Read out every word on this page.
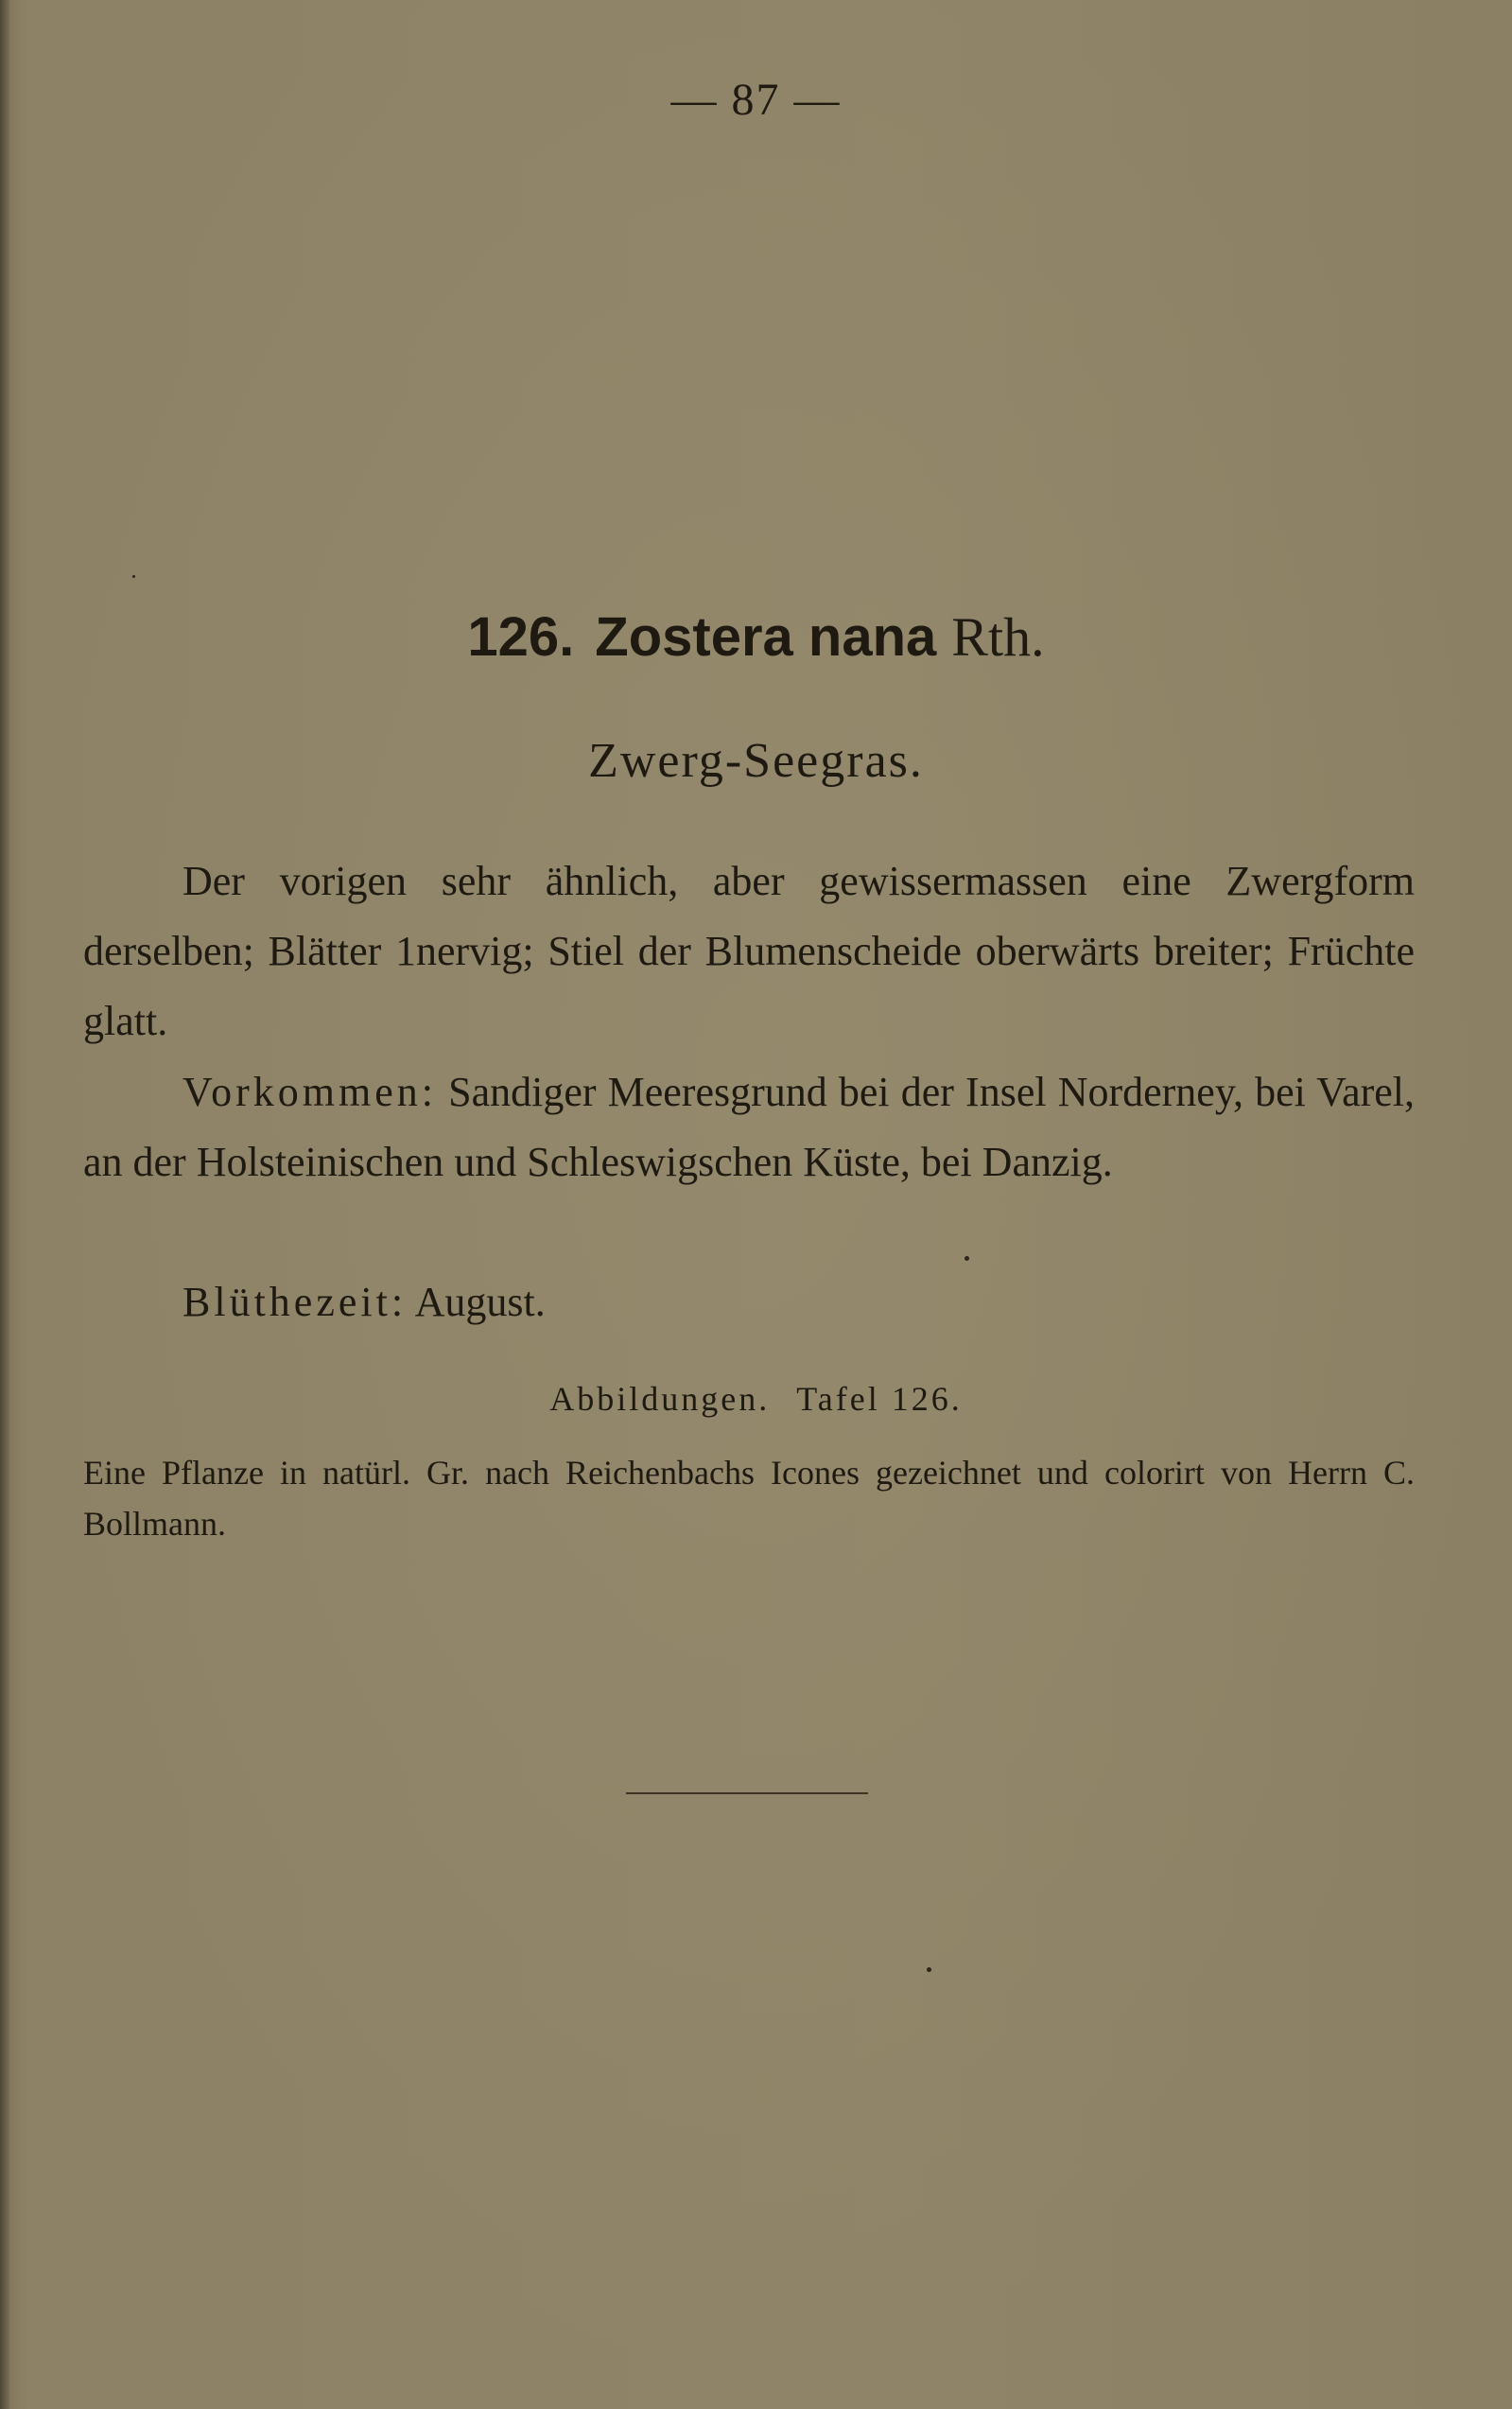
— 87 —
126. Zostera nana Rth.
Zwerg-Seegras.

Der vorigen sehr ähnlich, aber gewissermassen eine Zwergform derselben; Blätter 1nervig; Stiel der Blumenscheide oberwärts breiter; Früchte glatt.

Vorkommen: Sandiger Meeresgrund bei der Insel Norderney, bei Varel, an der Holsteinischen und Schleswigschen Küste, bei Danzig.

Blüthezeit: August.

Abbildungen. Tafel 126.

Eine Pflanze in natürl. Gr. nach Reichenbachs Icones gezeichnet und colorirt von Herrn C. Bollmann.
